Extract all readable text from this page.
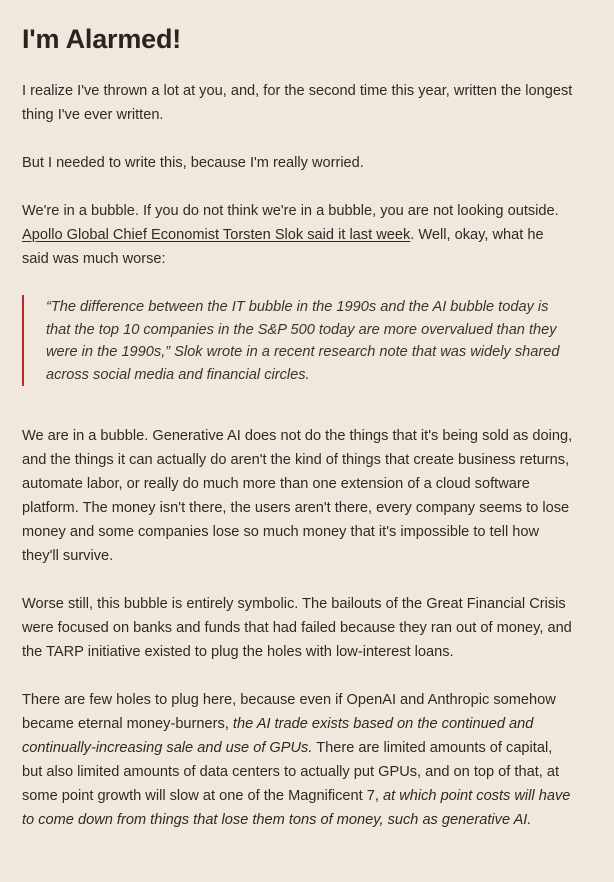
I'm Alarmed!

I realize I've thrown a lot at you, and, for the second time this year, written the longest thing I've ever written.

But I needed to write this, because I'm really worried.

We're in a bubble. If you do not think we're in a bubble, you are not looking outside. Apollo Global Chief Economist Torsten Slok said it last week. Well, okay, what he said was much worse:

“The difference between the IT bubble in the 1990s and the AI bubble today is that the top 10 companies in the S&P 500 today are more overvalued than they were in the 1990s,” Slok wrote in a recent research note that was widely shared across social media and financial circles.

We are in a bubble. Generative AI does not do the things that it's being sold as doing, and the things it can actually do aren't the kind of things that create business returns, automate labor, or really do much more than one extension of a cloud software platform. The money isn't there, the users aren't there, every company seems to lose money and some companies lose so much money that it's impossible to tell how they'll survive.

Worse still, this bubble is entirely symbolic. The bailouts of the Great Financial Crisis were focused on banks and funds that had failed because they ran out of money, and the TARP initiative existed to plug the holes with low-interest loans.

There are few holes to plug here, because even if OpenAI and Anthropic somehow became eternal money-burners, the AI trade exists based on the continued and continually-increasing sale and use of GPUs. There are limited amounts of capital, but also limited amounts of data centers to actually put GPUs, and on top of that, at some point growth will slow at one of the Magnificent 7, at which point costs will have to come down from things that lose them tons of money, such as generative AI.
